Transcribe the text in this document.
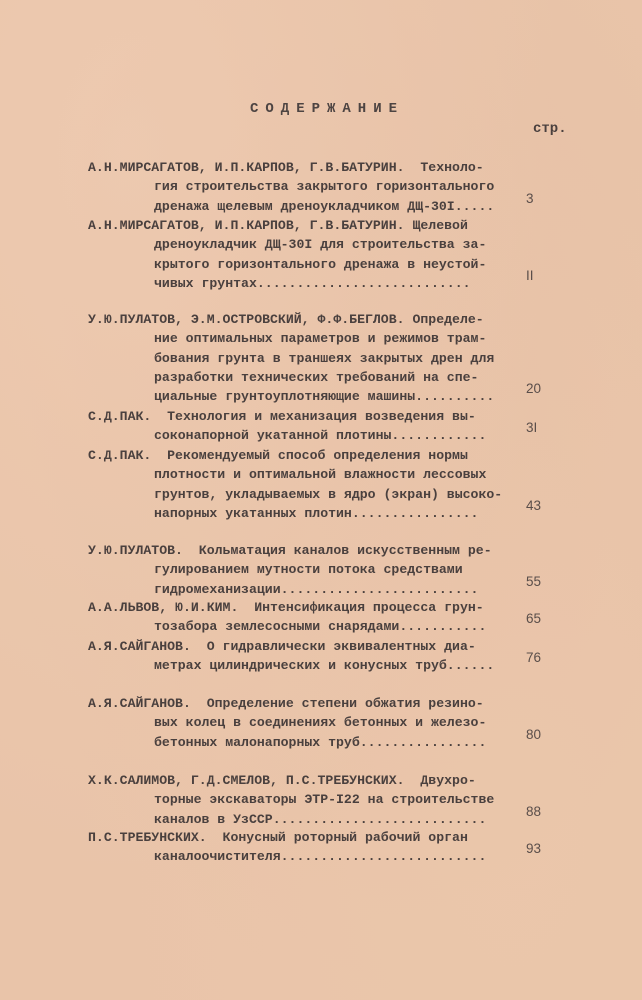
СОДЕРЖАНИЕ
стр.
А.Н.МИРСАГАТОВ, И.П.КАРПОВ, Г.В.БАТУРИН.  Техноло-
гия строительства закрытого горизонтального
дренажа щелевым дреноукладчиком ДЩ-30I.....
3
А.Н.МИРСАГАТОВ, И.П.КАРПОВ, Г.В.БАТУРИН. Щелевой
дреноукладчик ДЩ-30I для строительства за-
крытого горизонтального дренажа в неустой-
чивых грунтах...........................
II
У.Ю.ПУЛАТОВ, Э.М.ОСТРОВСКИЙ, Ф.Ф.БЕГЛОВ. Определе-
ние оптимальных параметров и режимов трам-
бования грунта в траншеях закрытых дрен для
разработки технических требований на спе-
циальные грунтоуплотняющие машины..........
20
С.Д.ПАК.  Технология и механизация возведения вы-
соконапорной укатанной плотины............
3I
С.Д.ПАК.  Рекомендуемый способ определения нормы
плотности и оптимальной влажности лессовых
грунтов, укладываемых в ядро (экран) высоко-
напорных укатанных плотин................
43
У.Ю.ПУЛАТОВ.  Кольматация каналов искусственным ре-
гулированием мутности потока средствами
гидромеханизации.........................
55
А.А.ЛЬВОВ, Ю.И.КИМ.  Интенсификация процесса грун-
тозабора землесосными снарядами...........
65
А.Я.САЙГАНОВ.  О гидравлически эквивалентных диа-
метрах цилиндрических и конусных труб......
76
А.Я.САЙГАНОВ.  Определение степени обжатия резино-
вых колец в соединениях бетонных и железо-
бетонных малонапорных труб................
80
Х.К.САЛИМОВ, Г.Д.СМЕЛОВ, П.С.ТРЕБУНСКИХ.  Двухро-
торные экскаваторы ЭТР-I22 на строительстве
каналов в УзССР...........................
88
П.С.ТРЕБУНСКИХ.  Конусный роторный рабочий орган
каналоочистителя..........................
93
